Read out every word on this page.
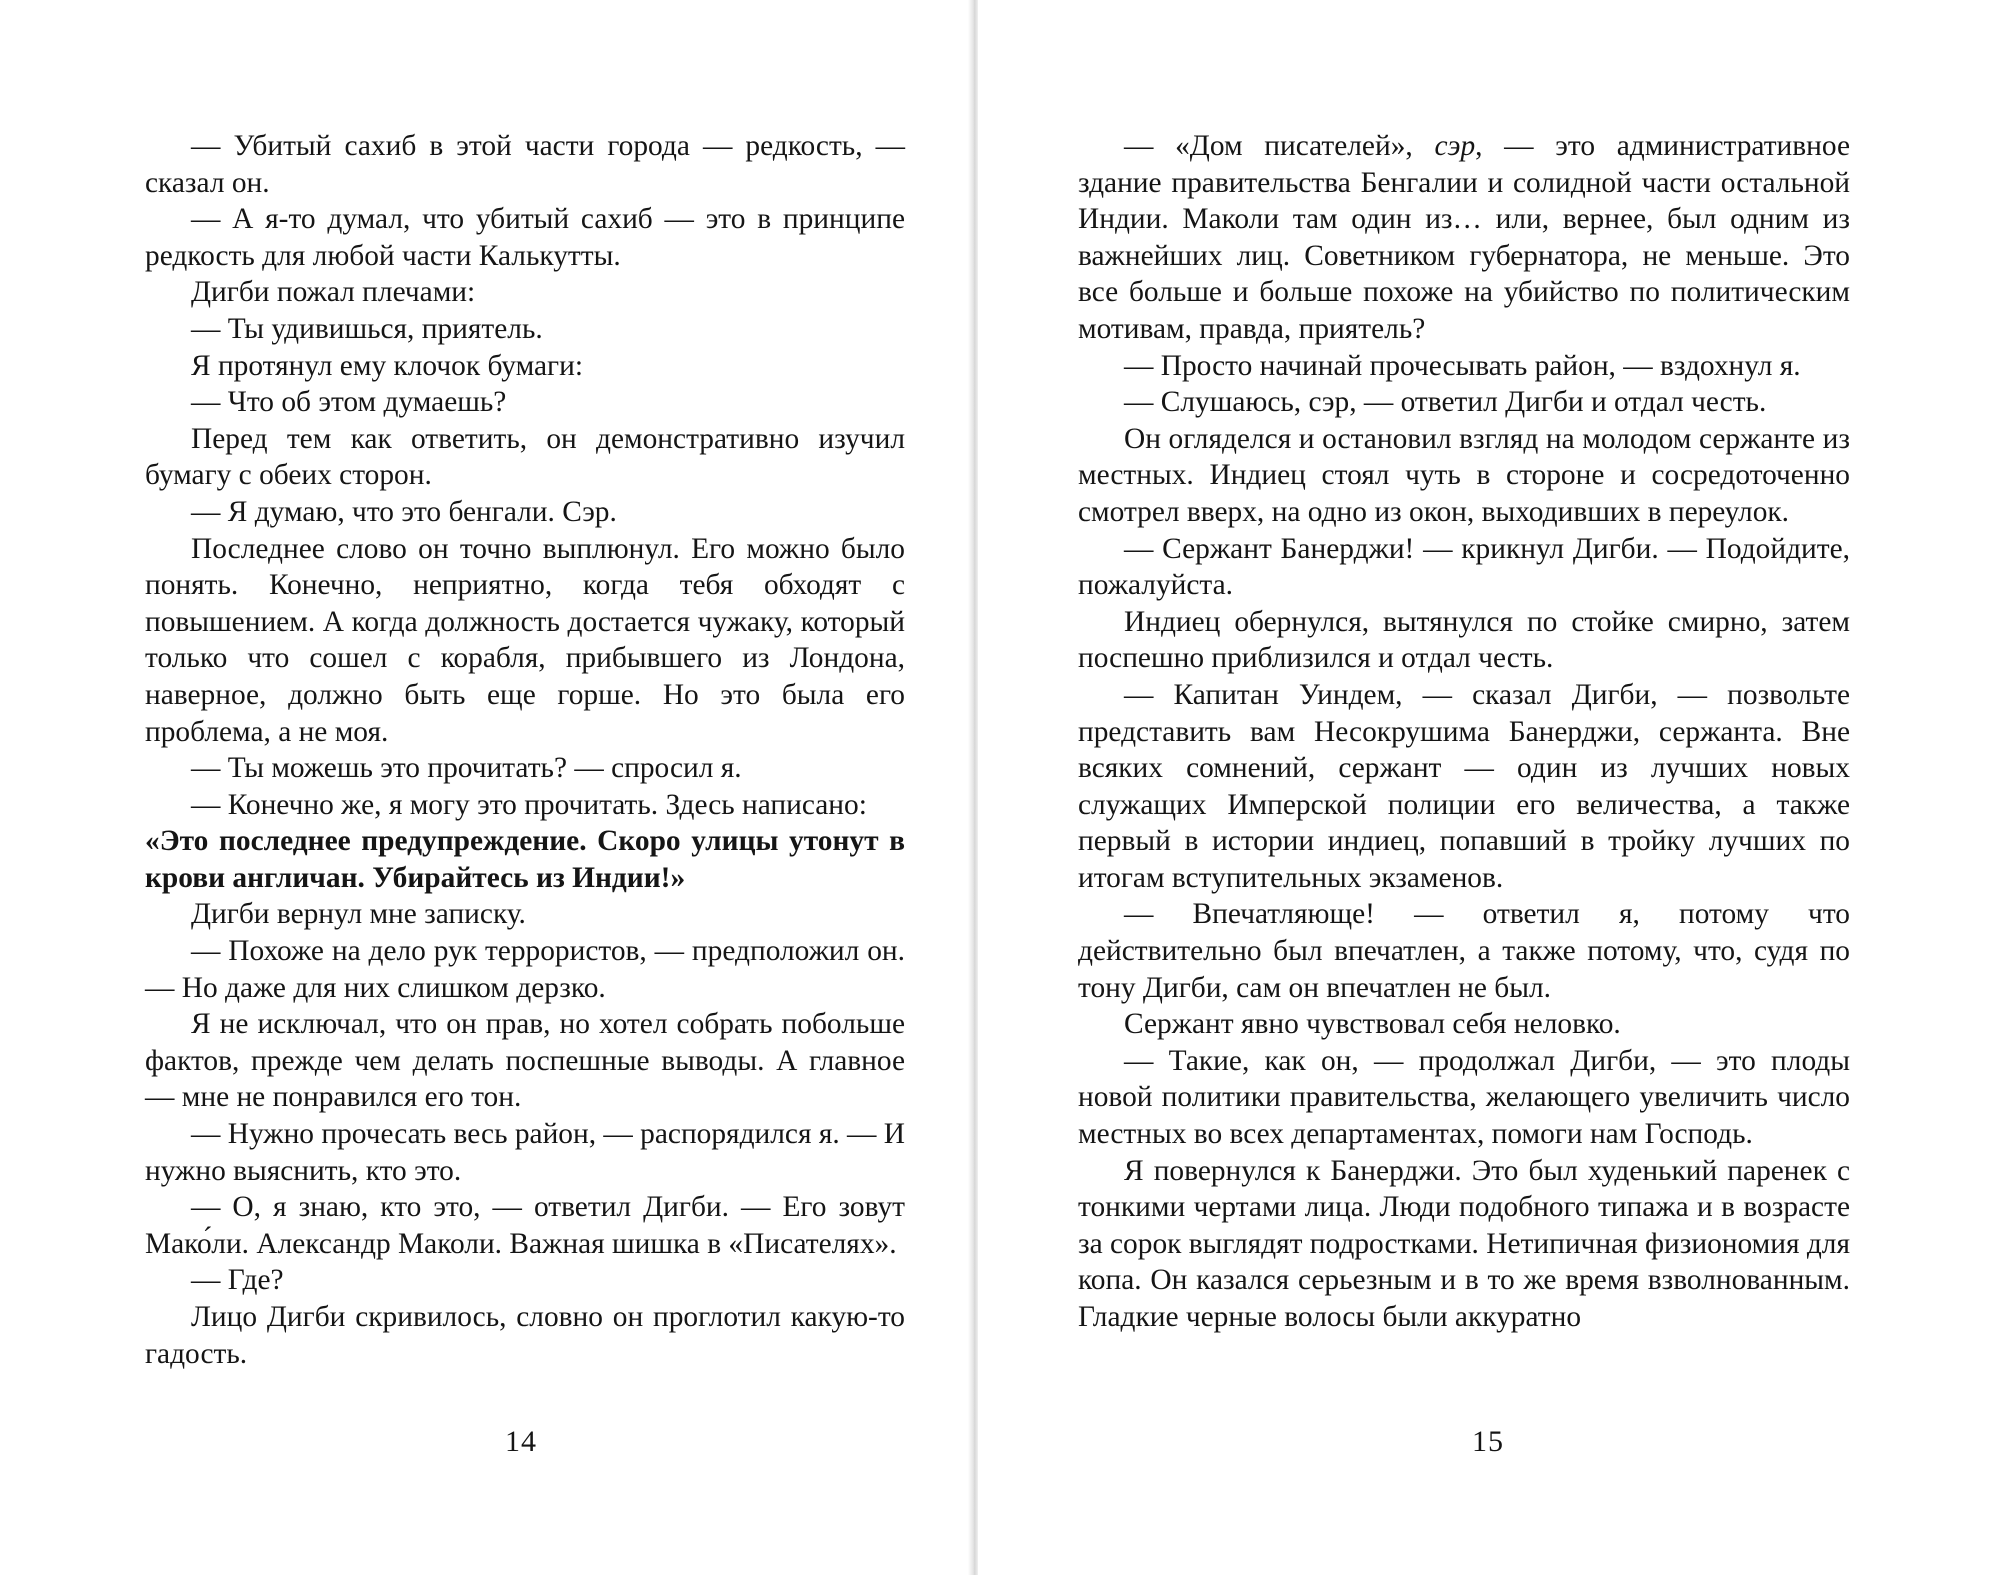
— Убитый сахиб в этой части города — редкость, — сказал он.

— А я-то думал, что убитый сахиб — это в принципе редкость для любой части Калькутты.

Дигби пожал плечами:

— Ты удивишься, приятель.

Я протянул ему клочок бумаги:

— Что об этом думаешь?

Перед тем как ответить, он демонстративно изучил бумагу с обеих сторон.

— Я думаю, что это бенгали. Сэр.

Последнее слово он точно выплюнул. Его можно было понять. Конечно, неприятно, когда тебя обходят с повышением. А когда должность достается чужаку, который только что сошел с корабля, прибывшего из Лондона, наверное, должно быть еще горше. Но это была его проблема, а не моя.

— Ты можешь это прочитать? — спросил я.

— Конечно же, я могу это прочитать. Здесь написано:

«Это последнее предупреждение. Скоро улицы утонут в крови англичан. Убирайтесь из Индии!»

Дигби вернул мне записку.

— Похоже на дело рук террористов, — предположил он. — Но даже для них слишком дерзко.

Я не исключал, что он прав, но хотел собрать побольше фактов, прежде чем делать поспешные выводы. А главное — мне не понравился его тон.

— Нужно прочесать весь район, — распорядился я. — И нужно выяснить, кто это.

— О, я знаю, кто это, — ответил Дигби. — Его зовут Мако́ли. Александр Маколи. Важная шишка в «Писателях».

— Где?

Лицо Дигби скривилось, словно он проглотил какую-то гадость.

14

— «Дом писателей», сэр, — это административное здание правительства Бенгалии и солидной части остальной Индии. Маколи там один из… или, вернее, был одним из важнейших лиц. Советником губернатора, не меньше. Это все больше и больше похоже на убийство по политическим мотивам, правда, приятель?

— Просто начинай прочесывать район, — вздохнул я.

— Слушаюсь, сэр, — ответил Дигби и отдал честь.

Он огляделся и остановил взгляд на молодом сержанте из местных. Индиец стоял чуть в стороне и сосредоточенно смотрел вверх, на одно из окон, выходивших в переулок.

— Сержант Банерджи! — крикнул Дигби. — Подойдите, пожалуйста.

Индиец обернулся, вытянулся по стойке смирно, затем поспешно приблизился и отдал честь.

— Капитан Уиндем, — сказал Дигби, — позвольте представить вам Несокрушима Банерджи, сержанта. Вне всяких сомнений, сержант — один из лучших новых служащих Имперской полиции его величества, а также первый в истории индиец, попавший в тройку лучших по итогам вступительных экзаменов.

— Впечатляюще! — ответил я, потому что действительно был впечатлен, а также потому, что, судя по тону Дигби, сам он впечатлен не был.

Сержант явно чувствовал себя неловко.

— Такие, как он, — продолжал Дигби, — это плоды новой политики правительства, желающего увеличить число местных во всех департаментах, помоги нам Господь.

Я повернулся к Банерджи. Это был худенький паренек с тонкими чертами лица. Люди подобного типажа и в возрасте за сорок выглядят подростками. Нетипичная физиономия для копа. Он казался серьезным и в то же время взволнованным. Гладкие черные волосы были аккуратно

15
